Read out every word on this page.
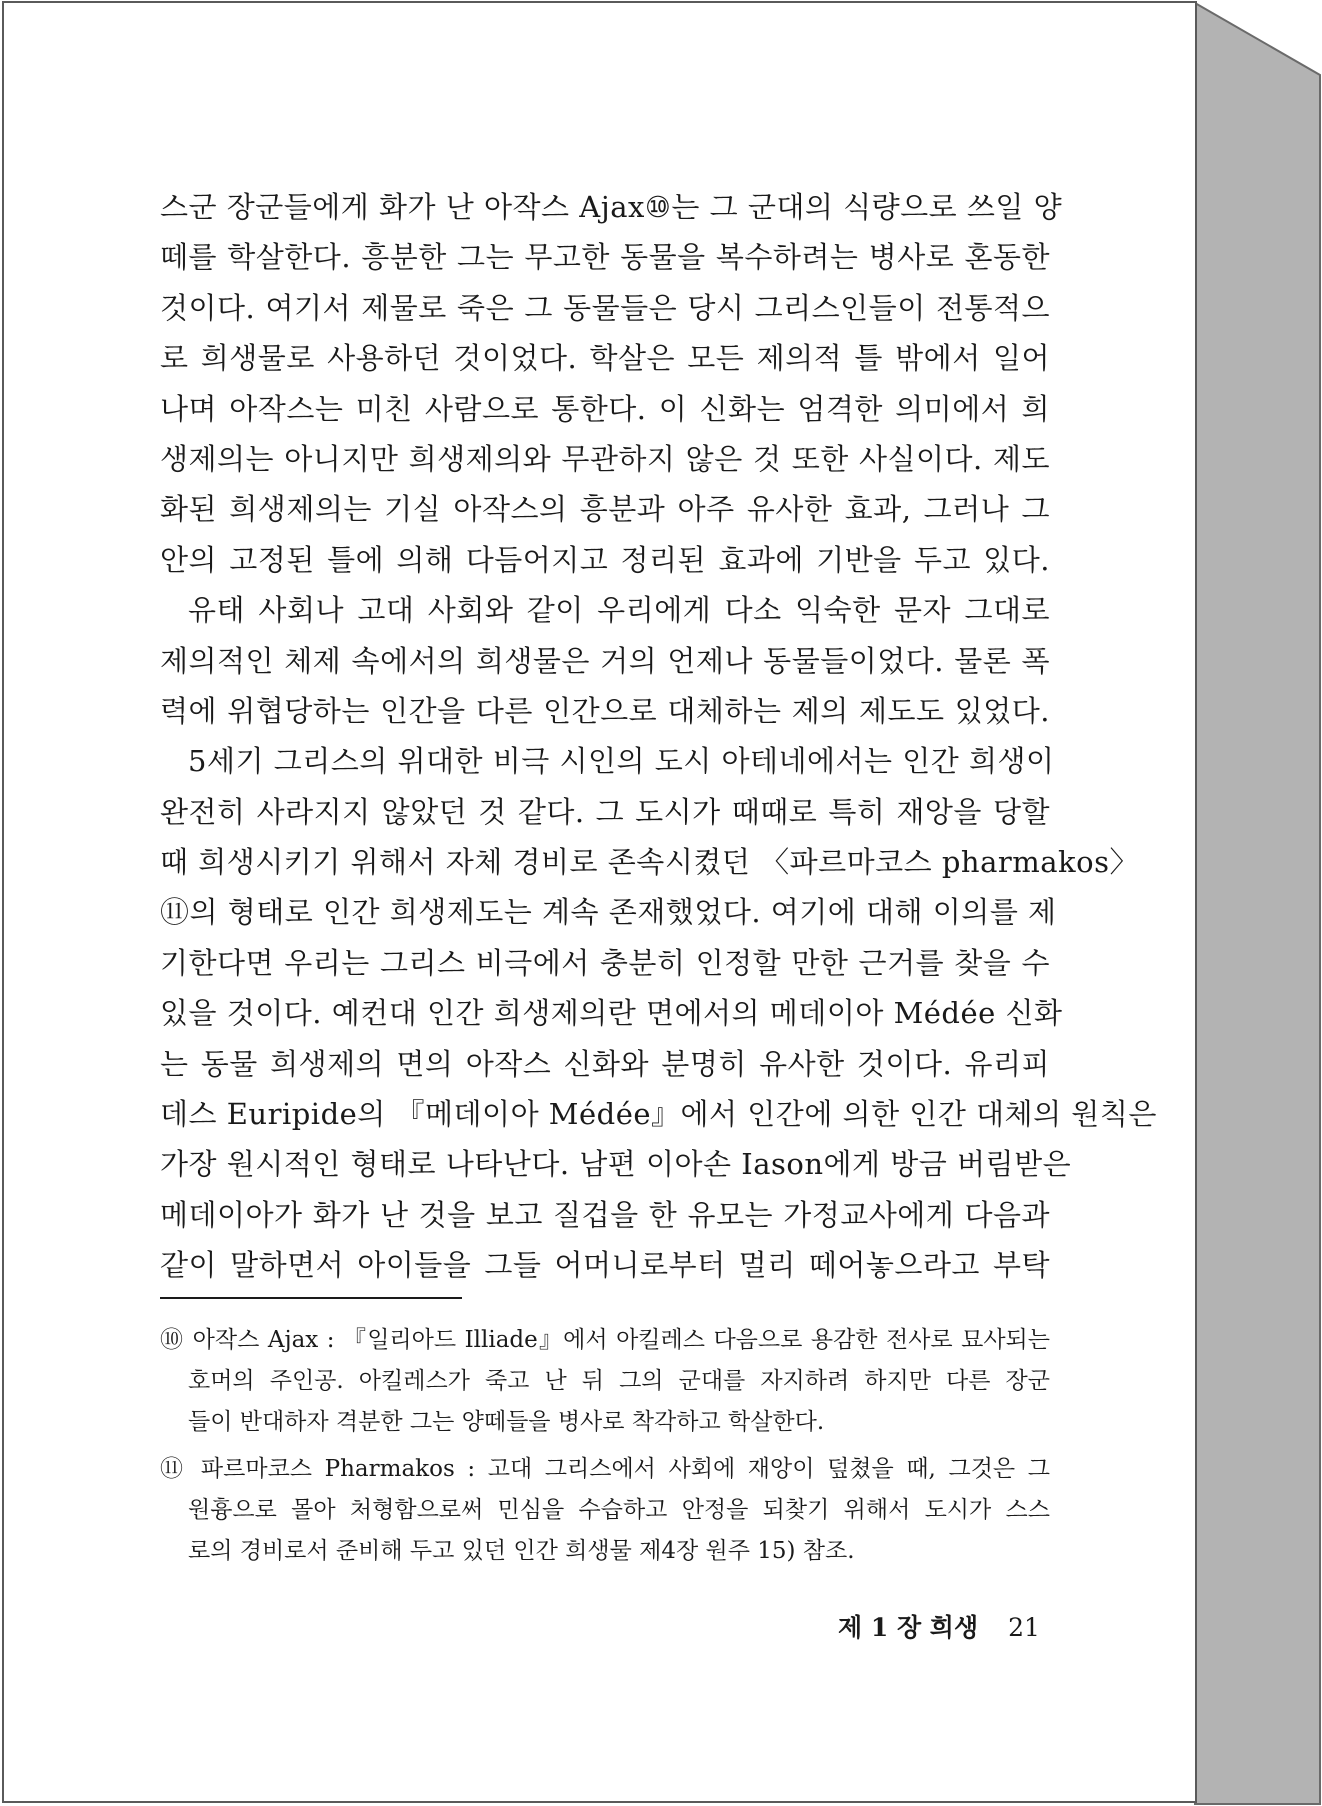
스군 장군들에게 화가 난 아작스 Ajax⑩는 그 군대의 식량으로 쓰일 양
떼를 학살한다. 흥분한 그는 무고한 동물을 복수하려는 병사로 혼동한
것이다. 여기서 제물로 죽은 그 동물들은 당시 그리스인들이 전통적으
로 희생물로 사용하던 것이었다. 학살은 모든 제의적 틀 밖에서 일어
나며 아작스는 미친 사람으로 통한다. 이 신화는 엄격한 의미에서 희
생제의는 아니지만 희생제의와 무관하지 않은 것 또한 사실이다. 제도
화된 희생제의는 기실 아작스의 흥분과 아주 유사한 효과, 그러나 그
안의 고정된 틀에 의해 다듬어지고 정리된 효과에 기반을 두고 있다.
유태 사회나 고대 사회와 같이 우리에게 다소 익숙한 문자 그대로
제의적인 체제 속에서의 희생물은 거의 언제나 동물들이었다. 물론 폭
력에 위협당하는 인간을 다른 인간으로 대체하는 제의 제도도 있었다.
5세기 그리스의 위대한 비극 시인의 도시 아테네에서는 인간 희생이
완전히 사라지지 않았던 것 같다. 그 도시가 때때로 특히 재앙을 당할
때 희생시키기 위해서 자체 경비로 존속시켰던 〈파르마코스 pharmakos〉
⑪의 형태로 인간 희생제도는 계속 존재했었다. 여기에 대해 이의를 제
기한다면 우리는 그리스 비극에서 충분히 인정할 만한 근거를 찾을 수
있을 것이다. 예컨대 인간 희생제의란 면에서의 메데이아 Médée 신화
는 동물 희생제의 면의 아작스 신화와 분명히 유사한 것이다. 유리피
데스 Euripide의 『메데이아 Médée』에서 인간에 의한 인간 대체의 원칙은
가장 원시적인 형태로 나타난다. 남편 이아손 Iason에게 방금 버림받은
메데이아가 화가 난 것을 보고 질겁을 한 유모는 가정교사에게 다음과
같이 말하면서 아이들을 그들 어머니로부터 멀리 떼어놓으라고 부탁
⑩ 아작스 Ajax : 『일리아드 Illiade』에서 아킬레스 다음으로 용감한 전사로 묘사되는
호머의 주인공. 아킬레스가 죽고 난 뒤 그의 군대를 자지하려 하지만 다른 장군
들이 반대하자 격분한 그는 양떼들을 병사로 착각하고 학살한다.
⑪ 파르마코스 Pharmakos : 고대 그리스에서 사회에 재앙이 덮쳤을 때, 그것은 그
원흉으로 몰아 처형함으로써 민심을 수습하고 안정을 되찾기 위해서 도시가 스스
로의 경비로서 준비해 두고 있던 인간 희생물 제4장 원주 15) 참조.
제 1 장 희생 21
